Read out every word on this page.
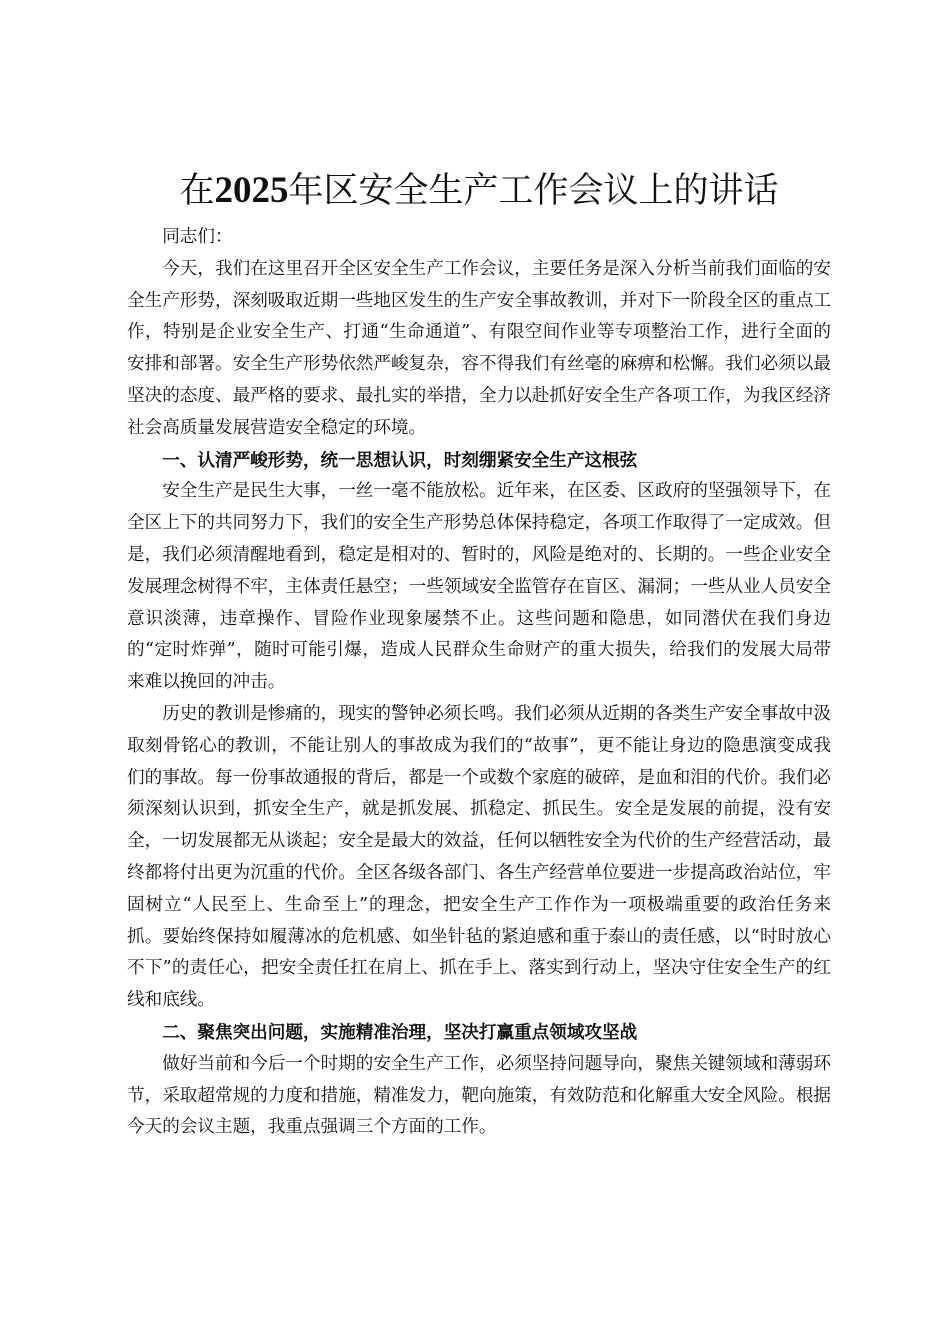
在2025年区安全生产工作会议上的讲话

同志们：

今天，我们在这里召开全区安全生产工作会议，主要任务是深入分析当前我们面临的安全生产形势，深刻吸取近期一些地区发生的生产安全事故教训，并对下一阶段全区的重点工作，特别是企业安全生产、打通“生命通道”、有限空间作业等专项整治工作，进行全面的安排和部署。安全生产形势依然严峻复杂，容不得我们有丝毫的麻痹和松懈。我们必须以最坚决的态度、最严格的要求、最扎实的举措，全力以赴抓好安全生产各项工作，为我区经济社会高质量发展营造安全稳定的环境。

一、认清严峻形势，统一思想认识，时刻绷紧安全生产这根弦

安全生产是民生大事，一丝一毫不能放松。近年来，在区委、区政府的坚强领导下，在全区上下的共同努力下，我们的安全生产形势总体保持稳定，各项工作取得了一定成效。但是，我们必须清醒地看到，稳定是相对的、暂时的，风险是绝对的、长期的。一些企业安全发展理念树得不牢，主体责任悬空；一些领域安全监管存在盲区、漏洞；一些从业人员安全意识淡薄，违章操作、冒险作业现象屡禁不止。这些问题和隐患，如同潜伏在我们身边的“定时炸弹”，随时可能引爆，造成人民群众生命财产的重大损失，给我们的发展大局带来难以挽回的冲击。

历史的教训是惨痛的，现实的警钟必须长鸣。我们必须从近期的各类生产安全事故中汲取刻骨铭心的教训，不能让别人的事故成为我们的“故事”，更不能让身边的隐患演变成我们的事故。每一份事故通报的背后，都是一个或数个家庭的破碎，是血和泪的代价。我们必须深刻认识到，抓安全生产，就是抓发展、抓稳定、抓民生。安全是发展的前提，没有安全，一切发展都无从谈起；安全是最大的效益，任何以牺牲安全为代价的生产经营活动，最终都将付出更为沉重的代价。全区各级各部门、各生产经营单位要进一步提高政治站位，牢固树立“人民至上、生命至上”的理念，把安全生产工作作为一项极端重要的政治任务来抓。要始终保持如履薄冰的危机感、如坐针毡的紧迫感和重于泰山的责任感，以“时时放心不下”的责任心，把安全责任扛在肩上、抓在手上、落实到行动上，坚决守住安全生产的红线和底线。

二、聚焦突出问题，实施精准治理，坚决打赢重点领域攻坚战

做好当前和今后一个时期的安全生产工作，必须坚持问题导向，聚焦关键领域和薄弱环节，采取超常规的力度和措施，精准发力，靶向施策，有效防范和化解重大安全风险。根据今天的会议主题，我重点强调三个方面的工作。
